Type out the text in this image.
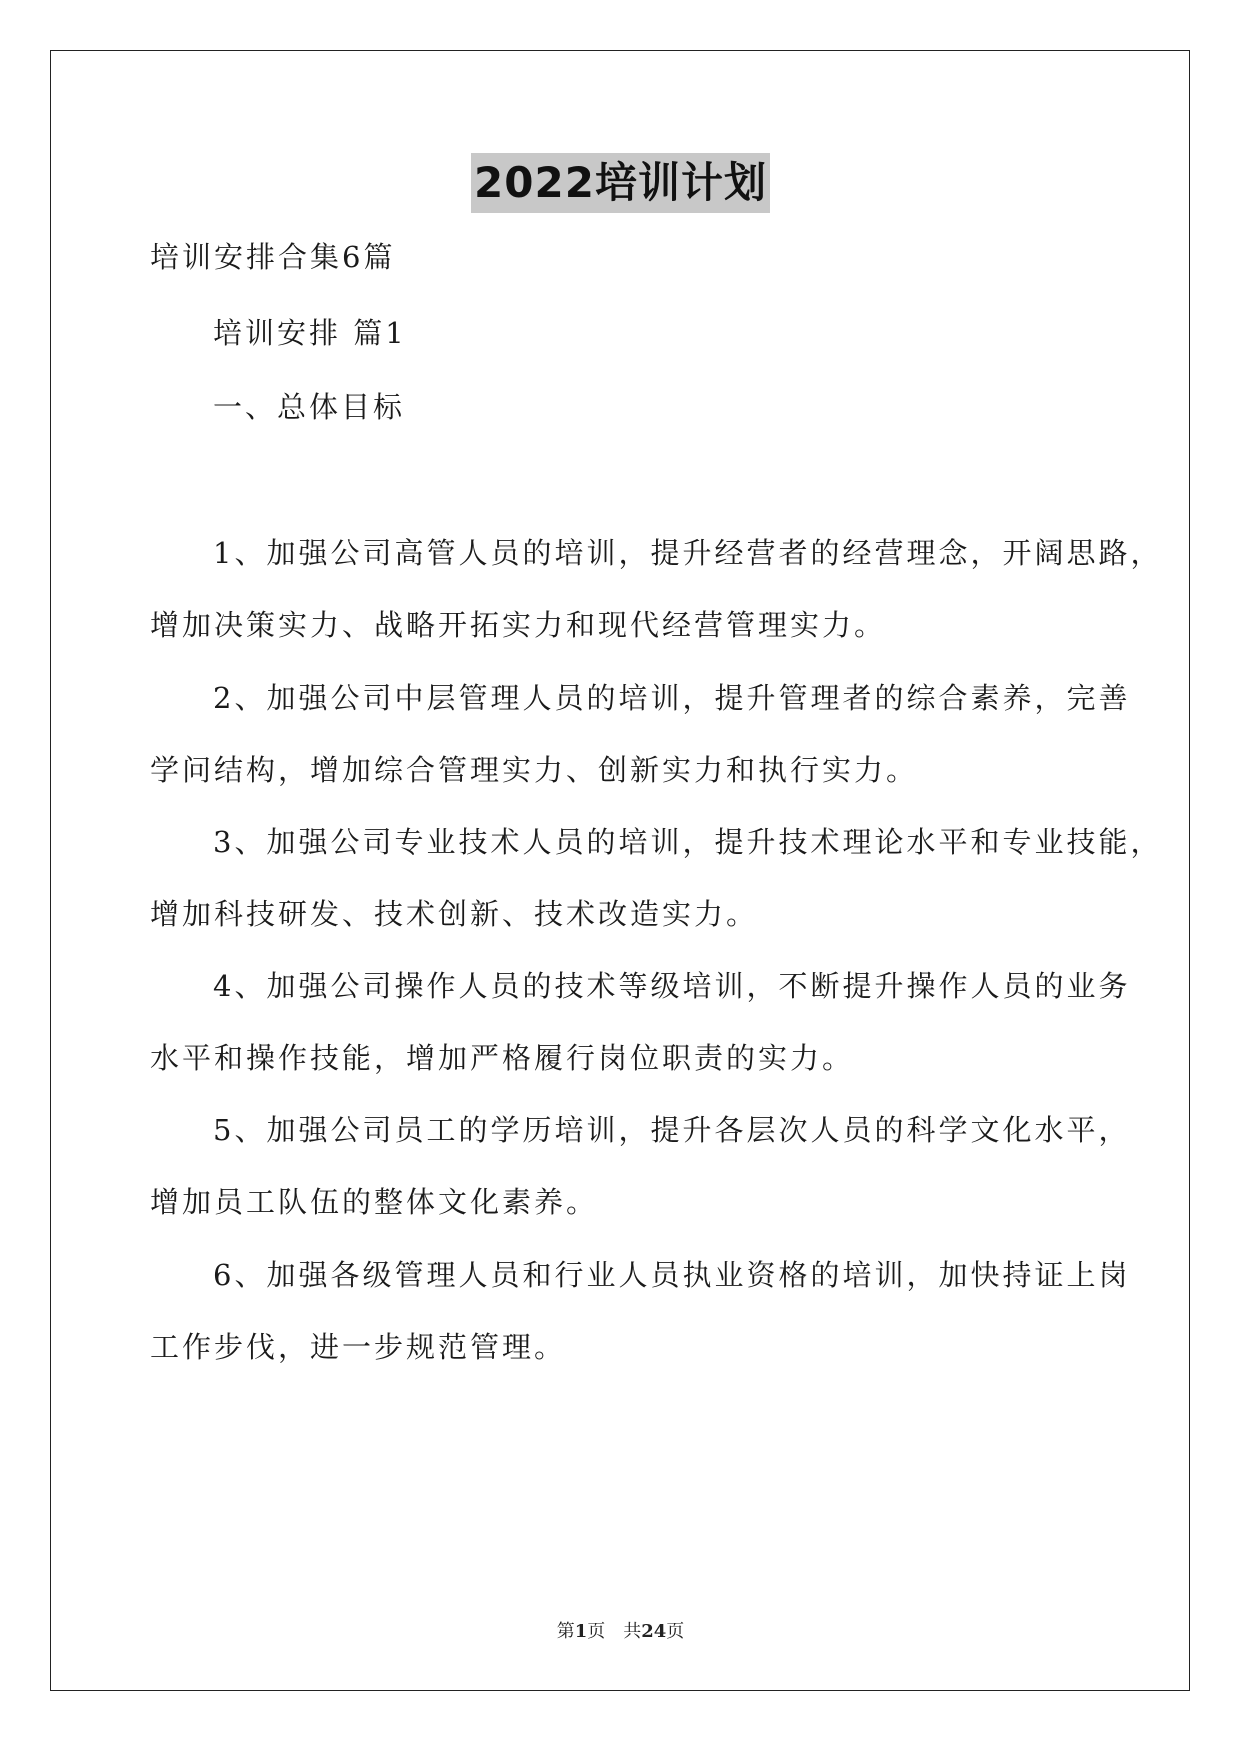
2022培训计划
培训安排合集6篇
培训安排 篇1
一、总体目标
1、加强公司高管人员的培训，提升经营者的经营理念，开阔思路，
增加决策实力、战略开拓实力和现代经营管理实力。
2、加强公司中层管理人员的培训，提升管理者的综合素养，完善
学问结构，增加综合管理实力、创新实力和执行实力。
3、加强公司专业技术人员的培训，提升技术理论水平和专业技能，
增加科技研发、技术创新、技术改造实力。
4、加强公司操作人员的技术等级培训，不断提升操作人员的业务
水平和操作技能，增加严格履行岗位职责的实力。
5、加强公司员工的学历培训，提升各层次人员的科学文化水平，
增加员工队伍的整体文化素养。
6、加强各级管理人员和行业人员执业资格的培训，加快持证上岗
工作步伐，进一步规范管理。
第1页　共24页
